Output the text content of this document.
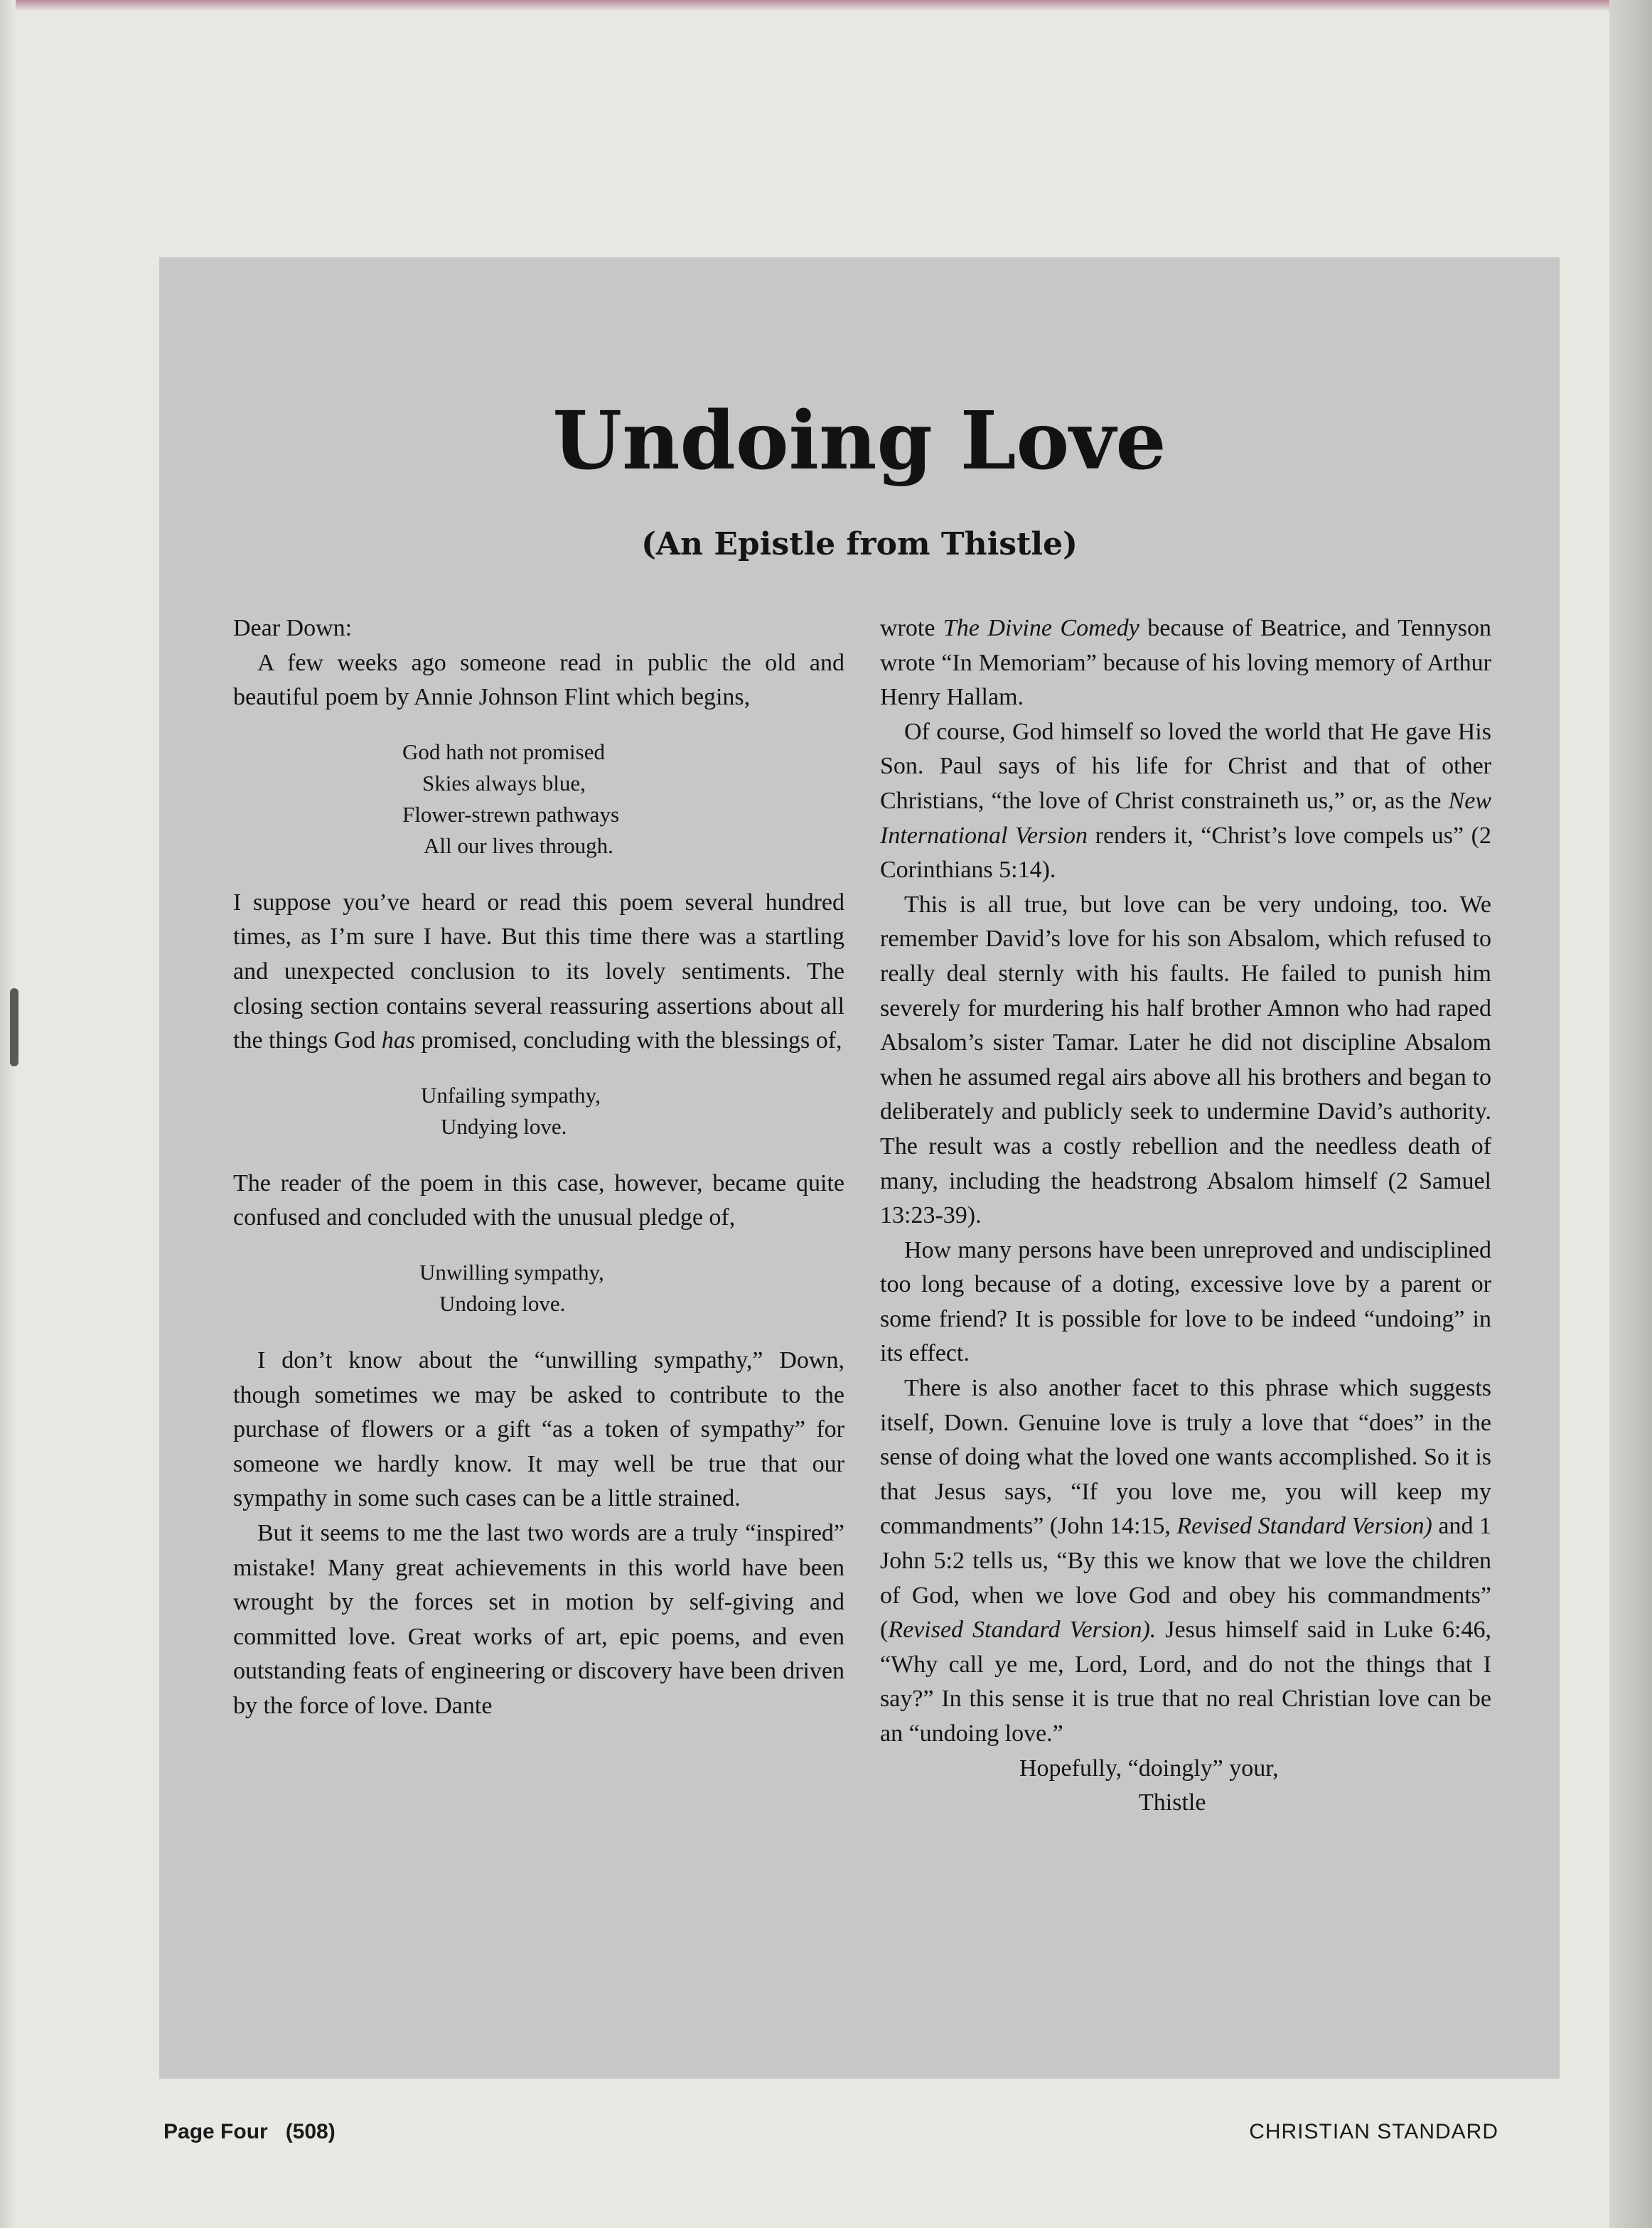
Undoing Love
(An Epistle from Thistle)

Dear Down:

A few weeks ago someone read in public the old and beautiful poem by Annie Johnson Flint which begins,

God hath not promised
Skies always blue,
Flower-strewn pathways
All our lives through.

I suppose you’ve heard or read this poem several hundred times, as I’m sure I have. But this time there was a startling and unexpected conclusion to its lovely sentiments. The closing section contains several reassuring assertions about all the things God has promised, concluding with the blessings of,

Unfailing sympathy,
Undying love.

The reader of the poem in this case, however, became quite confused and concluded with the unusual pledge of,

Unwilling sympathy,
Undoing love.

I don’t know about the “unwilling sympathy,” Down, though sometimes we may be asked to contribute to the purchase of flowers or a gift “as a token of sympathy” for someone we hardly know. It may well be true that our sympathy in some such cases can be a little strained.

But it seems to me the last two words are a truly “inspired” mistake! Many great achievements in this world have been wrought by the forces set in motion by self-giving and committed love. Great works of art, epic poems, and even outstanding feats of engineering or discovery have been driven by the force of love. Dante

wrote The Divine Comedy because of Beatrice, and Tennyson wrote “In Memoriam” because of his loving memory of Arthur Henry Hallam.

Of course, God himself so loved the world that He gave His Son. Paul says of his life for Christ and that of other Christians, “the love of Christ constraineth us,” or, as the New International Version renders it, “Christ’s love compels us” (2 Corinthians 5:14).

This is all true, but love can be very undoing, too. We remember David’s love for his son Absalom, which refused to really deal sternly with his faults. He failed to punish him severely for murdering his half brother Amnon who had raped Absalom’s sister Tamar. Later he did not discipline Absalom when he assumed regal airs above all his brothers and began to deliberately and publicly seek to undermine David’s authority. The result was a costly rebellion and the needless death of many, including the headstrong Absalom himself (2 Samuel 13:23-39).

How many persons have been unreproved and undisciplined too long because of a doting, excessive love by a parent or some friend? It is possible for love to be indeed “undoing” in its effect.

There is also another facet to this phrase which suggests itself, Down. Genuine love is truly a love that “does” in the sense of doing what the loved one wants accomplished. So it is that Jesus says, “If you love me, you will keep my commandments” (John 14:15, Revised Standard Version) and 1 John 5:2 tells us, “By this we know that we love the children of God, when we love God and obey his commandments” (Revised Standard Version). Jesus himself said in Luke 6:46, “Why call ye me, Lord, Lord, and do not the things that I say?” In this sense it is true that no real Christian love can be an “undoing love.”

Hopefully, “doingly” your,

Thistle

Page Four   (508)	CHRISTIAN STANDARD
